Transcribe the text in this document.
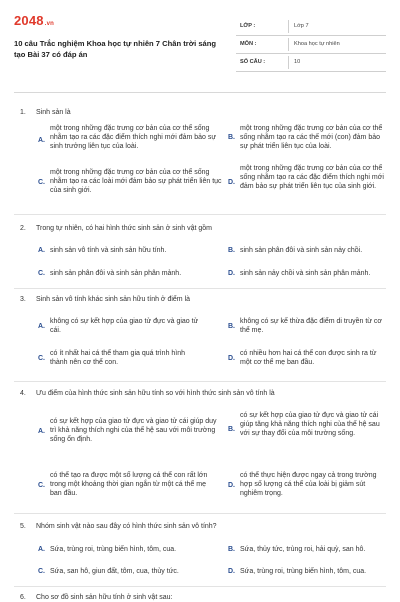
2048.vn
10 câu Trắc nghiệm Khoa học tự nhiên 7 Chân trời sáng tạo Bài 37 có đáp án
LỚP :	Lớp 7
MÔN :	Khoa học tự nhiên
SỐ CÂU :	10
1. Sinh sản là
A.
một trong những đặc trưng cơ bản của cơ thể sống nhằm tạo ra các đặc điểm thích nghi mới đảm bảo sự sinh trưởng liên tục của loài.
B.
một trong những đặc trưng cơ bản của cơ thể sống nhằm tạo ra các thế mới (con) đảm bảo sự phát triển liên tục của loài.
C.
một trong những đặc trưng cơ bản của cơ thể sống nhằm tạo ra các loài mới đảm bảo sự phát triển liên tục của sinh giới.
D.
một trong những đặc trưng cơ bản của cơ thể sống nhằm tạo ra các đặc điểm thích nghi mới đảm bảo sự phát triển liên tục của sinh giới.
2. Trong tự nhiên, có hai hình thức sinh sản ở sinh vật gồm
A. sinh sản vô tính và sinh sản hữu tính.	B. sinh sản phân đôi và sinh sản nảy chồi.
C. sinh sản phân đôi và sinh sản phân mảnh.	D. sinh sản nảy chồi và sinh sản phân mảnh.
3. Sinh sản vô tính khác sinh sản hữu tính ở điểm là
A.
không có sự kết hợp của giao tử đực và giao tử cái.
B.
không có sự kế thừa đặc điểm di truyền từ cơ thể mẹ.
C.
có ít nhất hai cá thể tham gia quá trình hình thành nên cơ thể con.
D.
có nhiều hơn hai cá thể con được sinh ra từ một cơ thể mẹ ban đầu.
4. Ưu điểm của hình thức sinh sản hữu tính so với hình thức sinh sản vô tính là
A.
có sự kết hợp của giao tử đực và giao tử cái giúp duy trì khả năng thích nghi của thế hệ sau với môi trường sống ổn định.
B.
có sự kết hợp của giao tử đực và giao tử cái giúp tăng khả năng thích nghi của thế hệ sau với sự thay đổi của môi trường sống.
C.
có thể tạo ra được một số lượng cá thể con rất lớn trong một khoảng thời gian ngắn từ một cá thể mẹ ban đầu.
D.
có thể thực hiện được ngay cả trong trường hợp số lượng cá thể của loài bị giảm sút nghiêm trọng.
5. Nhóm sinh vật nào sau đây có hình thức sinh sản vô tính?
A. Sứa, trùng roi, trùng biến hình, tôm, cua.	B. Sứa, thủy tức, trùng roi, hải quỳ, san hô.
C. Sứa, san hô, giun đất, tôm, cua, thủy tức.	D. Sứa, trùng roi, trùng biến hình, tôm, cua.
6. Cho sơ đồ sinh sản hữu tính ở sinh vật sau:
